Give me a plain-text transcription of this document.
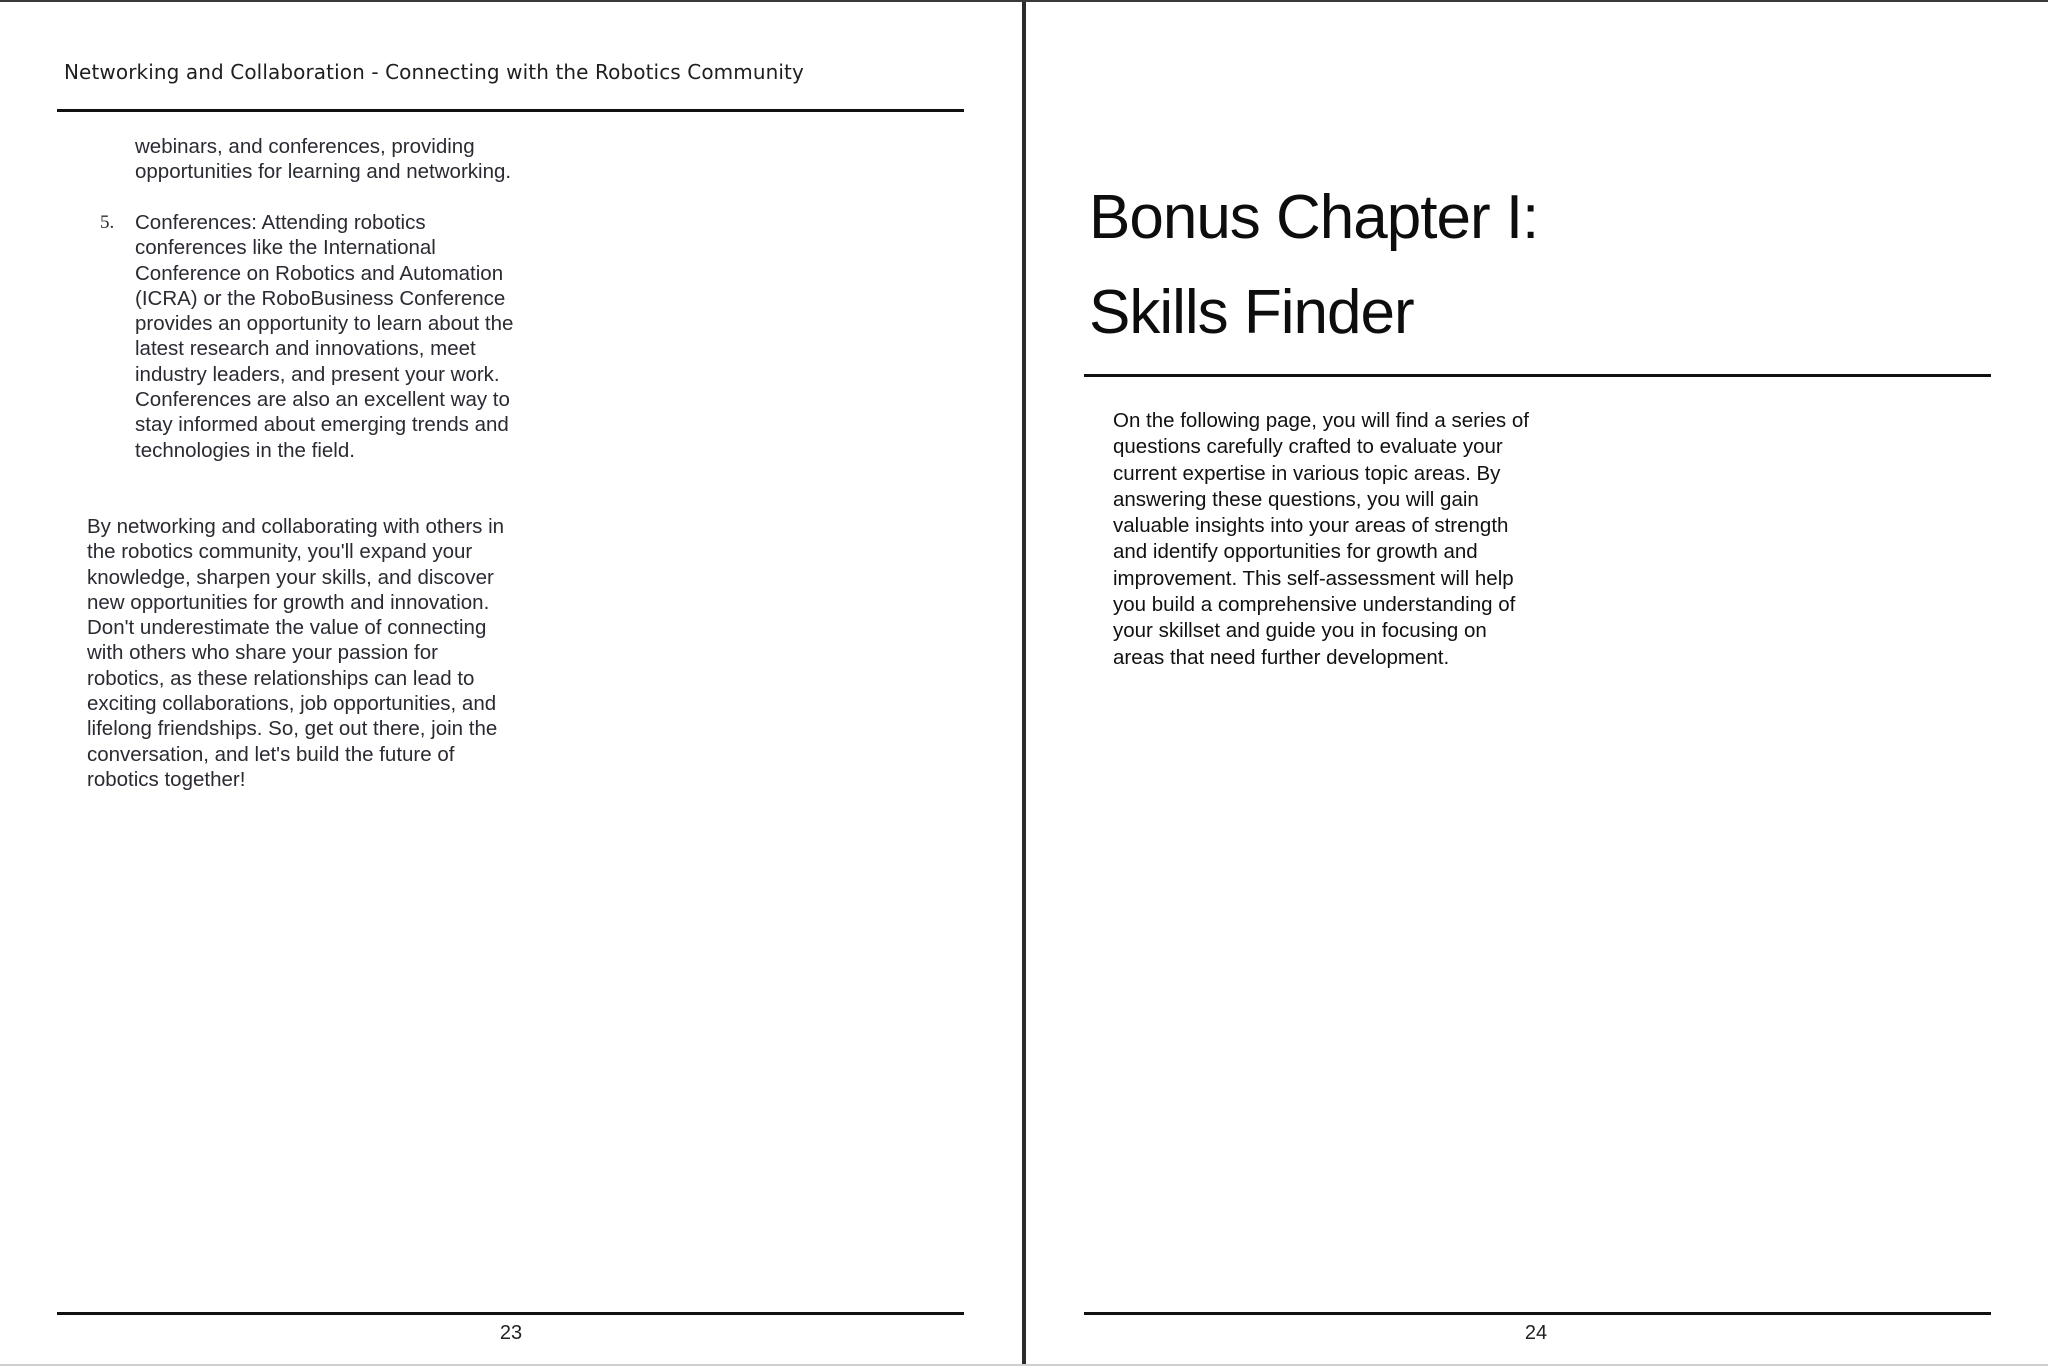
Networking and Collaboration - Connecting with the Robotics Community
webinars, and conferences, providing opportunities for learning and networking.
5.	Conferences: Attending robotics conferences like the International Conference on Robotics and Automation (ICRA) or the RoboBusiness Conference provides an opportunity to learn about the latest research and innovations, meet industry leaders, and present your work. Conferences are also an excellent way to stay informed about emerging trends and technologies in the field.
By networking and collaborating with others in the robotics community, you'll expand your knowledge, sharpen your skills, and discover new opportunities for growth and innovation. Don't underestimate the value of connecting with others who share your passion for robotics, as these relationships can lead to exciting collaborations, job opportunities, and lifelong friendships. So, get out there, join the conversation, and let's build the future of robotics together!
23
Bonus Chapter I:
Skills Finder
On the following page, you will find a series of questions carefully crafted to evaluate your current expertise in various topic areas. By answering these questions, you will gain valuable insights into your areas of strength and identify opportunities for growth and improvement. This self-assessment will help you build a comprehensive understanding of your skillset and guide you in focusing on areas that need further development.
24
